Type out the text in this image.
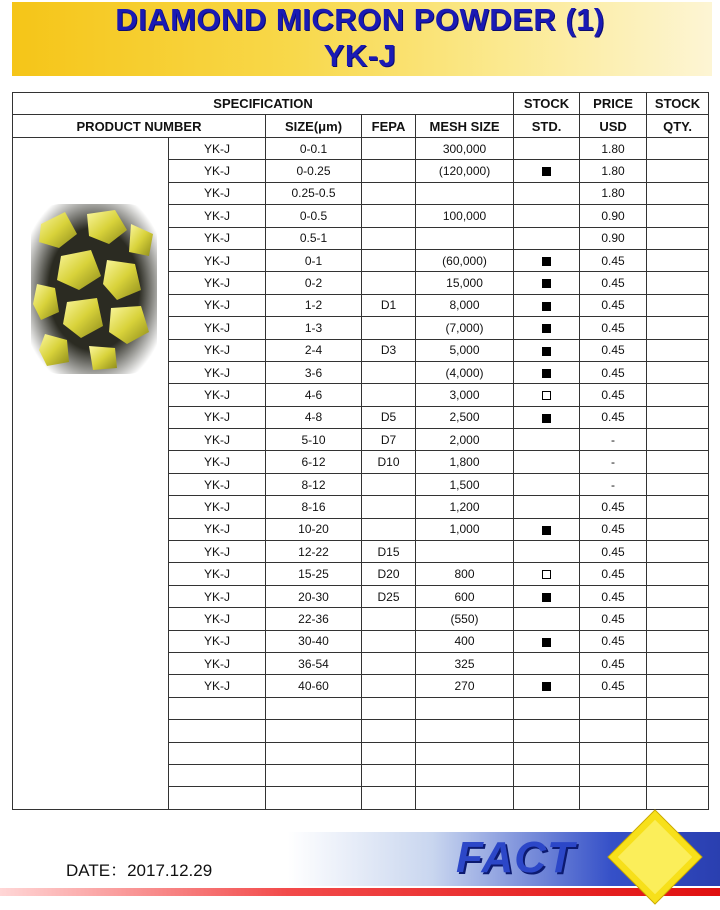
DIAMOND MICRON POWDER (1)
YK-J
SPECIFICATION					STOCK	PRICE	STOCK
PRODUCT NUMBER		SIZE(μm)	FEPA	MESH SIZE	STD.	USD	QTY.

	YK-J	0-0.1		300,000		1.80	
	YK-J	0-0.25		(120,000)		1.80	
	YK-J	0.25-0.5				1.80	
	YK-J	0-0.5		100,000		0.90	
	YK-J	0.5-1				0.90	
	YK-J	0-1		(60,000)		0.45	
	YK-J	0-2		15,000		0.45	
	YK-J	1-2	D1	8,000		0.45	
	YK-J	1-3		(7,000)		0.45	
	YK-J	2-4	D3	5,000		0.45	
	YK-J	3-6		(4,000)		0.45	
	YK-J	4-6		3,000		0.45	
	YK-J	4-8	D5	2,500		0.45	
	YK-J	5-10	D7	2,000		-	
	YK-J	6-12	D10	1,800		-	
	YK-J	8-12		1,500		-	
	YK-J	8-16		1,200		0.45	
	YK-J	10-20		1,000		0.45	
	YK-J	12-22	D15			0.45	
	YK-J	15-25	D20	800		0.45	
	YK-J	20-30	D25	600		0.45	
	YK-J	22-36		(550)		0.45	
	YK-J	30-40		400		0.45	
	YK-J	36-54		325		0.45	
	YK-J	40-60		270		0.45	

DATE：2017.12.29	FACT
